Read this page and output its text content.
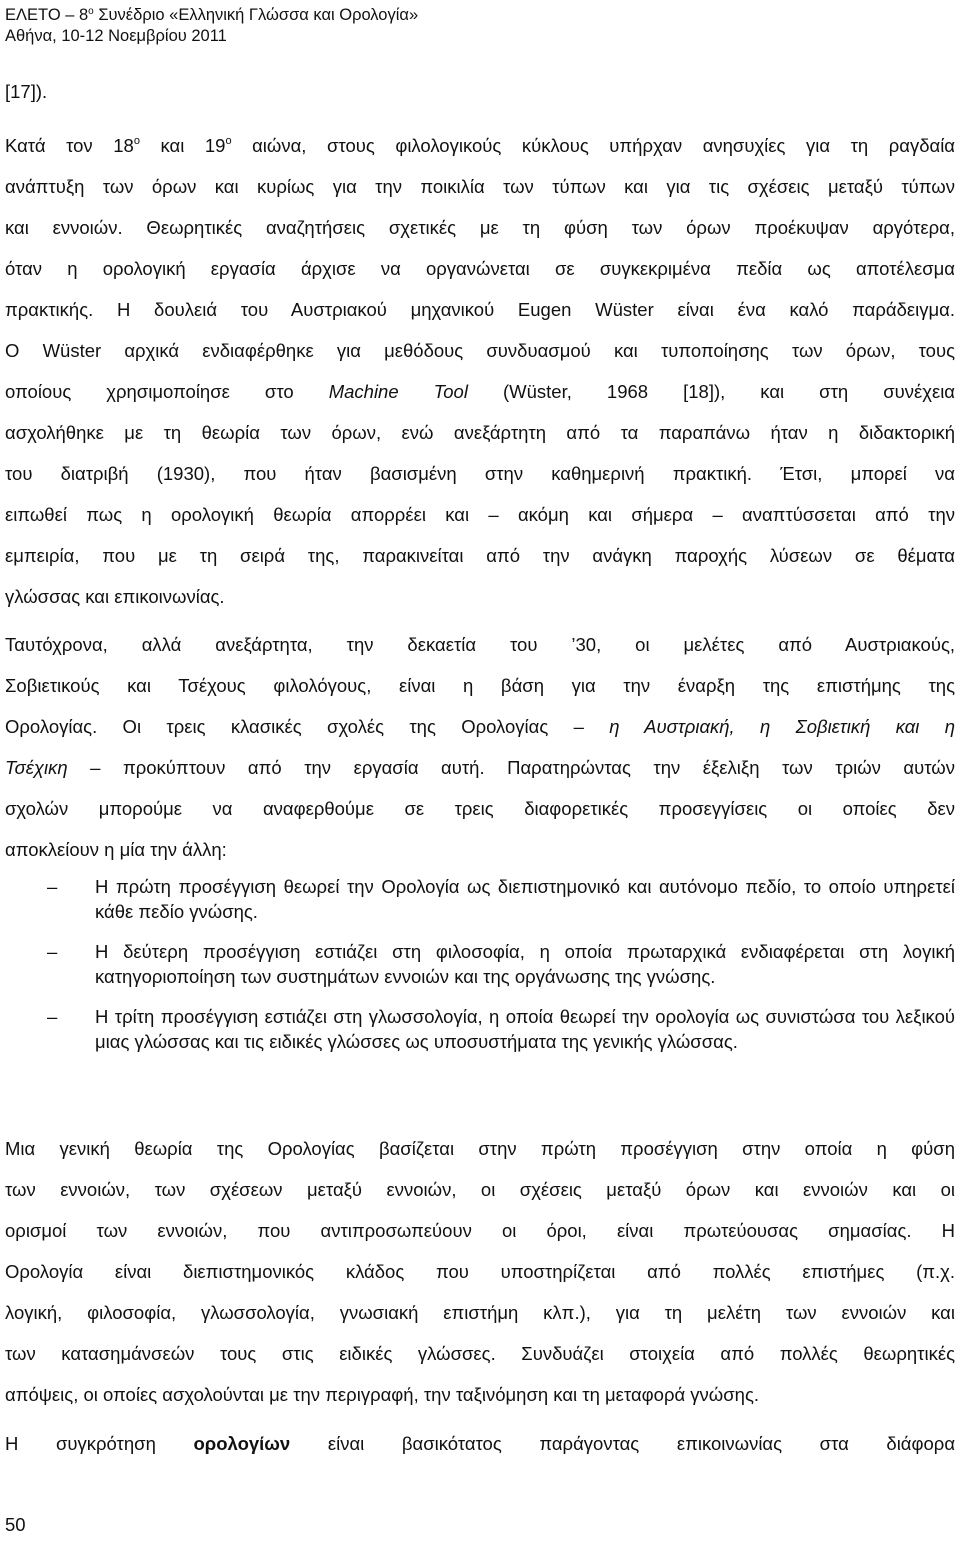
ΕΛΕΤΟ – $8^o$ Συνέδριο «Ελληνική Γλώσσα και Ορολογία»
Αθήνα, 10-12 Νοεμβρίου 2011
[17]).
Κατά τον $18^o$ και $19^o$ αιώνα, στους φιλολογικούς κύκλους υπήρχαν ανησυχίες για τη ραγδαία
ανάπτυξη των όρων και κυρίως για την ποικιλία των τύπων και για τις σχέσεις μεταξύ τύπων
και εννοιών. Θεωρητικές αναζητήσεις σχετικές με τη φύση των όρων προέκυψαν αργότερα,
όταν η ορολογική εργασία άρχισε να οργανώνεται σε συγκεκριμένα πεδία ως αποτέλεσμα
πρακτικής. Η δουλειά του Αυστριακού μηχανικού Eugen Wüster είναι ένα καλό παράδειγμα.
Ο Wüster αρχικά ενδιαφέρθηκε για μεθόδους συνδυασμού και τυποποίησης των όρων, τους
οποίους χρησιμοποίησε στο Machine Tool (Wüster, 1968 [18]), και στη συνέχεια
ασχολήθηκε με τη θεωρία των όρων, ενώ ανεξάρτητη από τα παραπάνω ήταν η διδακτορική
του διατριβή (1930), που ήταν βασισμένη στην καθημερινή πρακτική. Έτσι, μπορεί να
ειπωθεί πως η ορολογική θεωρία απορρέει και – ακόμη και σήμερα – αναπτύσσεται από την
εμπειρία, που με τη σειρά της, παρακινείται από την ανάγκη παροχής λύσεων σε θέματα
γλώσσας και επικοινωνίας.
Ταυτόχρονα, αλλά ανεξάρτητα, την δεκαετία του ’30, οι μελέτες από Αυστριακούς,
Σοβιετικούς και Τσέχους φιλολόγους, είναι η βάση για την έναρξη της επιστήμης της
Ορολογίας. Οι τρεις κλασικές σχολές της Ορολογίας – η Αυστριακή, η Σοβιετική και η
Τσέχικη – προκύπτουν από την εργασία αυτή. Παρατηρώντας την έξελιξη των τριών αυτών
σχολών μπορούμε να αναφερθούμε σε τρεις διαφορετικές προσεγγίσεις οι οποίες δεν
αποκλείουν η μία την άλλη:
– Η πρώτη προσέγγιση θεωρεί την Ορολογία ως διεπιστημονικό και αυτόνομο πεδίο, το οποίο υπηρετεί κάθε πεδίο γνώσης.
– Η δεύτερη προσέγγιση εστιάζει στη φιλοσοφία, η οποία πρωταρχικά ενδιαφέρεται στη λογική κατηγοριοποίηση των συστημάτων εννοιών και της οργάνωσης της γνώσης.
– Η τρίτη προσέγγιση εστιάζει στη γλωσσολογία, η οποία θεωρεί την ορολογία ως συνιστώσα του λεξικού μιας γλώσσας και τις ειδικές γλώσσες ως υποσυστήματα της γενικής γλώσσας.
Μια γενική θεωρία της Ορολογίας βασίζεται στην πρώτη προσέγγιση στην οποία η φύση
των εννοιών, των σχέσεων μεταξύ εννοιών, οι σχέσεις μεταξύ όρων και εννοιών και οι
ορισμοί των εννοιών, που αντιπροσωπεύουν οι όροι, είναι πρωτεύουσας σημασίας. Η
Ορολογία είναι διεπιστημονικός κλάδος που υποστηρίζεται από πολλές επιστήμες (π.χ.
λογική, φιλοσοφία, γλωσσολογία, γνωσιακή επιστήμη κλπ.), για τη μελέτη των εννοιών και
των κατασημάνσεών τους στις ειδικές γλώσσες. Συνδυάζει στοιχεία από πολλές θεωρητικές
απόψεις, οι οποίες ασχολούνται με την περιγραφή, την ταξινόμηση και τη μεταφορά γνώσης.
Η συγκρότηση ορολογίων είναι βασικότατος παράγοντας επικοινωνίας στα διάφορα
50
